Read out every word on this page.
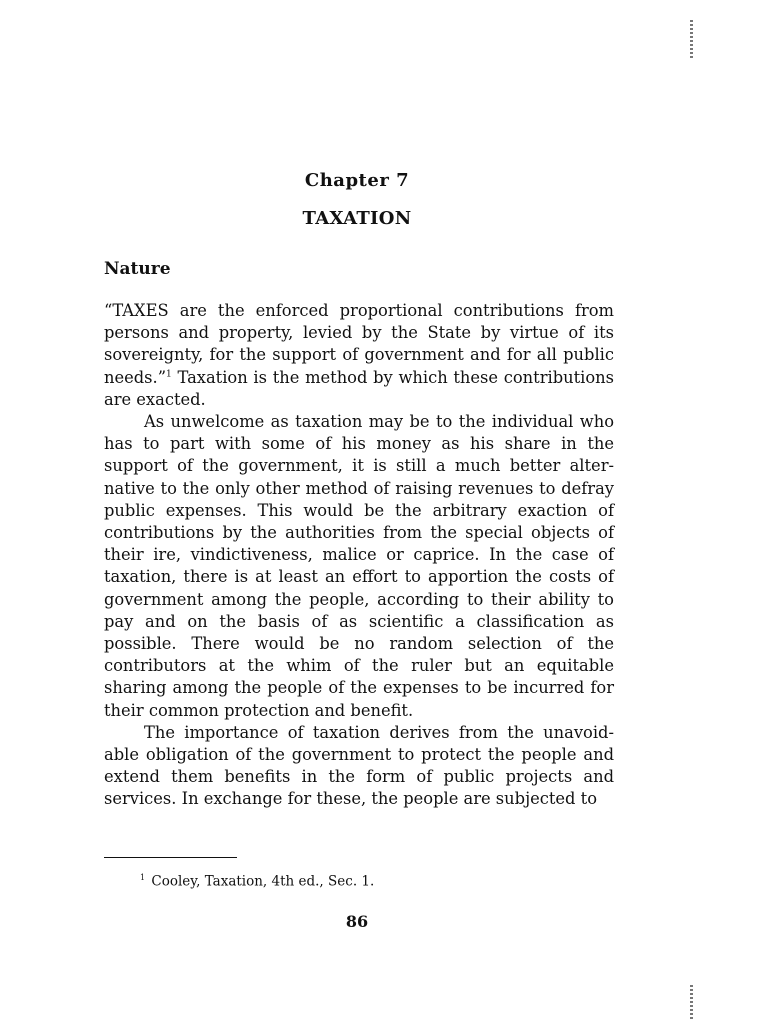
Chapter 7
TAXATION
Nature

“TAXES are the enforced proportional contributions from persons and property, levied by the State by virtue of its sovereignty, for the support of government and for all public needs.”$^1$ Taxation is the method by which these contributions are exacted.

As unwelcome as taxation may be to the individual who has to part with some of his money as his share in the support of the government, it is still a much better alternative to the only other method of raising revenues to defray public expenses. This would be the arbitrary exaction of contributions by the authorities from the special objects of their ire, vindictiveness, malice or caprice. In the case of taxation, there is at least an effort to apportion the costs of government among the people, according to their ability to pay and on the basis of as scientific a classification as possible. There would be no random selection of the contributors at the whim of the ruler but an equitable sharing among the people of the expenses to be incurred for their common protection and benefit.

The importance of taxation derives from the unavoidable obligation of the government to protect the people and extend them benefits in the form of public projects and services. In exchange for these, the people are subjected to

$^1$ Cooley, Taxation, 4th ed., Sec. 1.
86
